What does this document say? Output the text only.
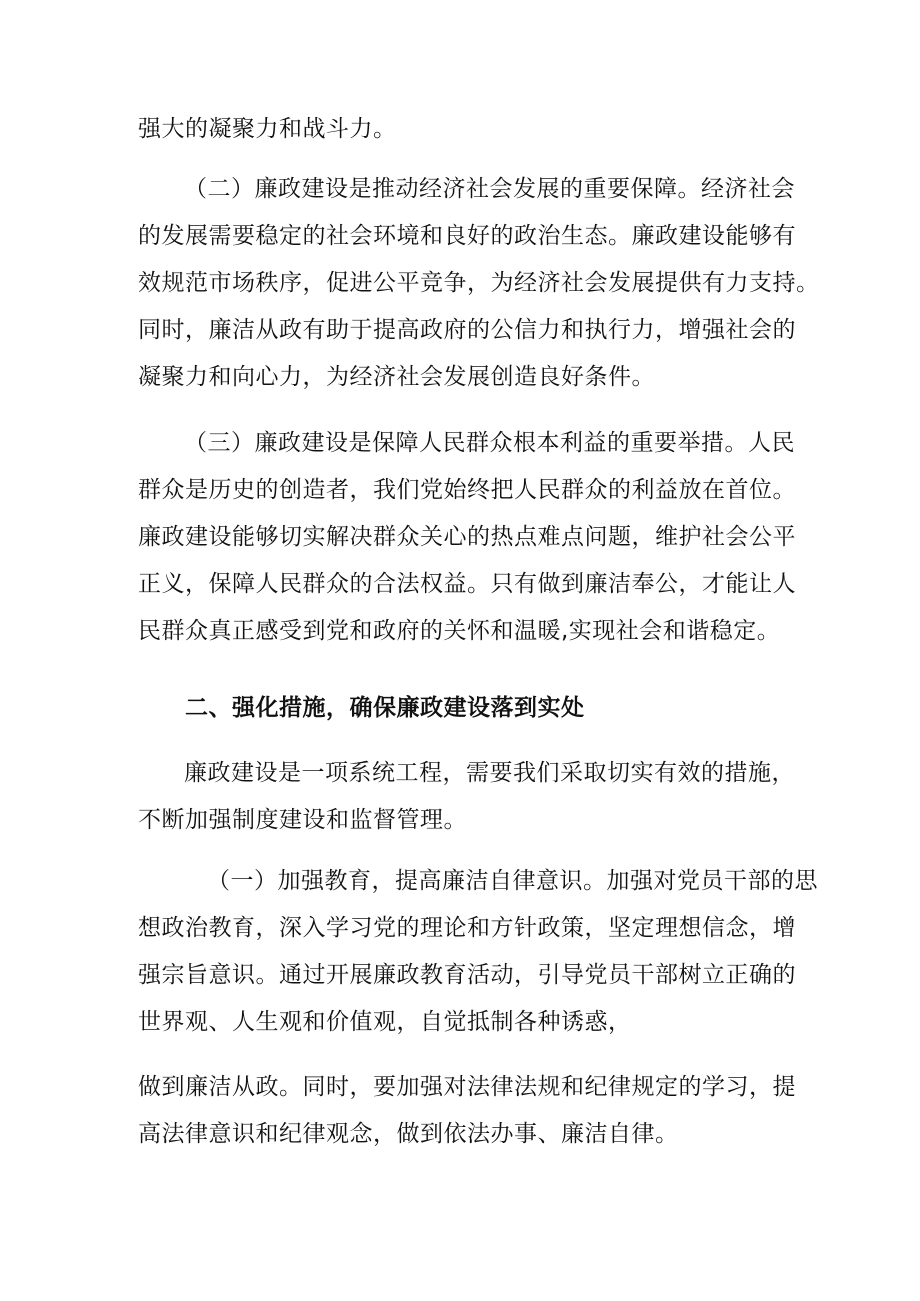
强大的凝聚力和战斗力。

（二）廉政建设是推动经济社会发展的重要保障。经济社会
的发展需要稳定的社会环境和良好的政治生态。廉政建设能够有
效规范市场秩序，促进公平竞争，为经济社会发展提供有力支持。
同时，廉洁从政有助于提高政府的公信力和执行力，增强社会的
凝聚力和向心力，为经济社会发展创造良好条件。

（三）廉政建设是保障人民群众根本利益的重要举措。人民
群众是历史的创造者，我们党始终把人民群众的利益放在首位。
廉政建设能够切实解决群众关心的热点难点问题，维护社会公平
正义，保障人民群众的合法权益。只有做到廉洁奉公，才能让人
民群众真正感受到党和政府的关怀和温暖,实现社会和谐稳定。

二、强化措施，确保廉政建设落到实处

廉政建设是一项系统工程，需要我们采取切实有效的措施，
不断加强制度建设和监督管理。

（一）加强教育，提高廉洁自律意识。加强对党员干部的思
想政治教育，深入学习党的理论和方针政策，坚定理想信念，增
强宗旨意识。通过开展廉政教育活动，引导党员干部树立正确的
世界观、人生观和价值观，自觉抵制各种诱惑，

做到廉洁从政。同时，要加强对法律法规和纪律规定的学习，提
高法律意识和纪律观念，做到依法办事、廉洁自律。
